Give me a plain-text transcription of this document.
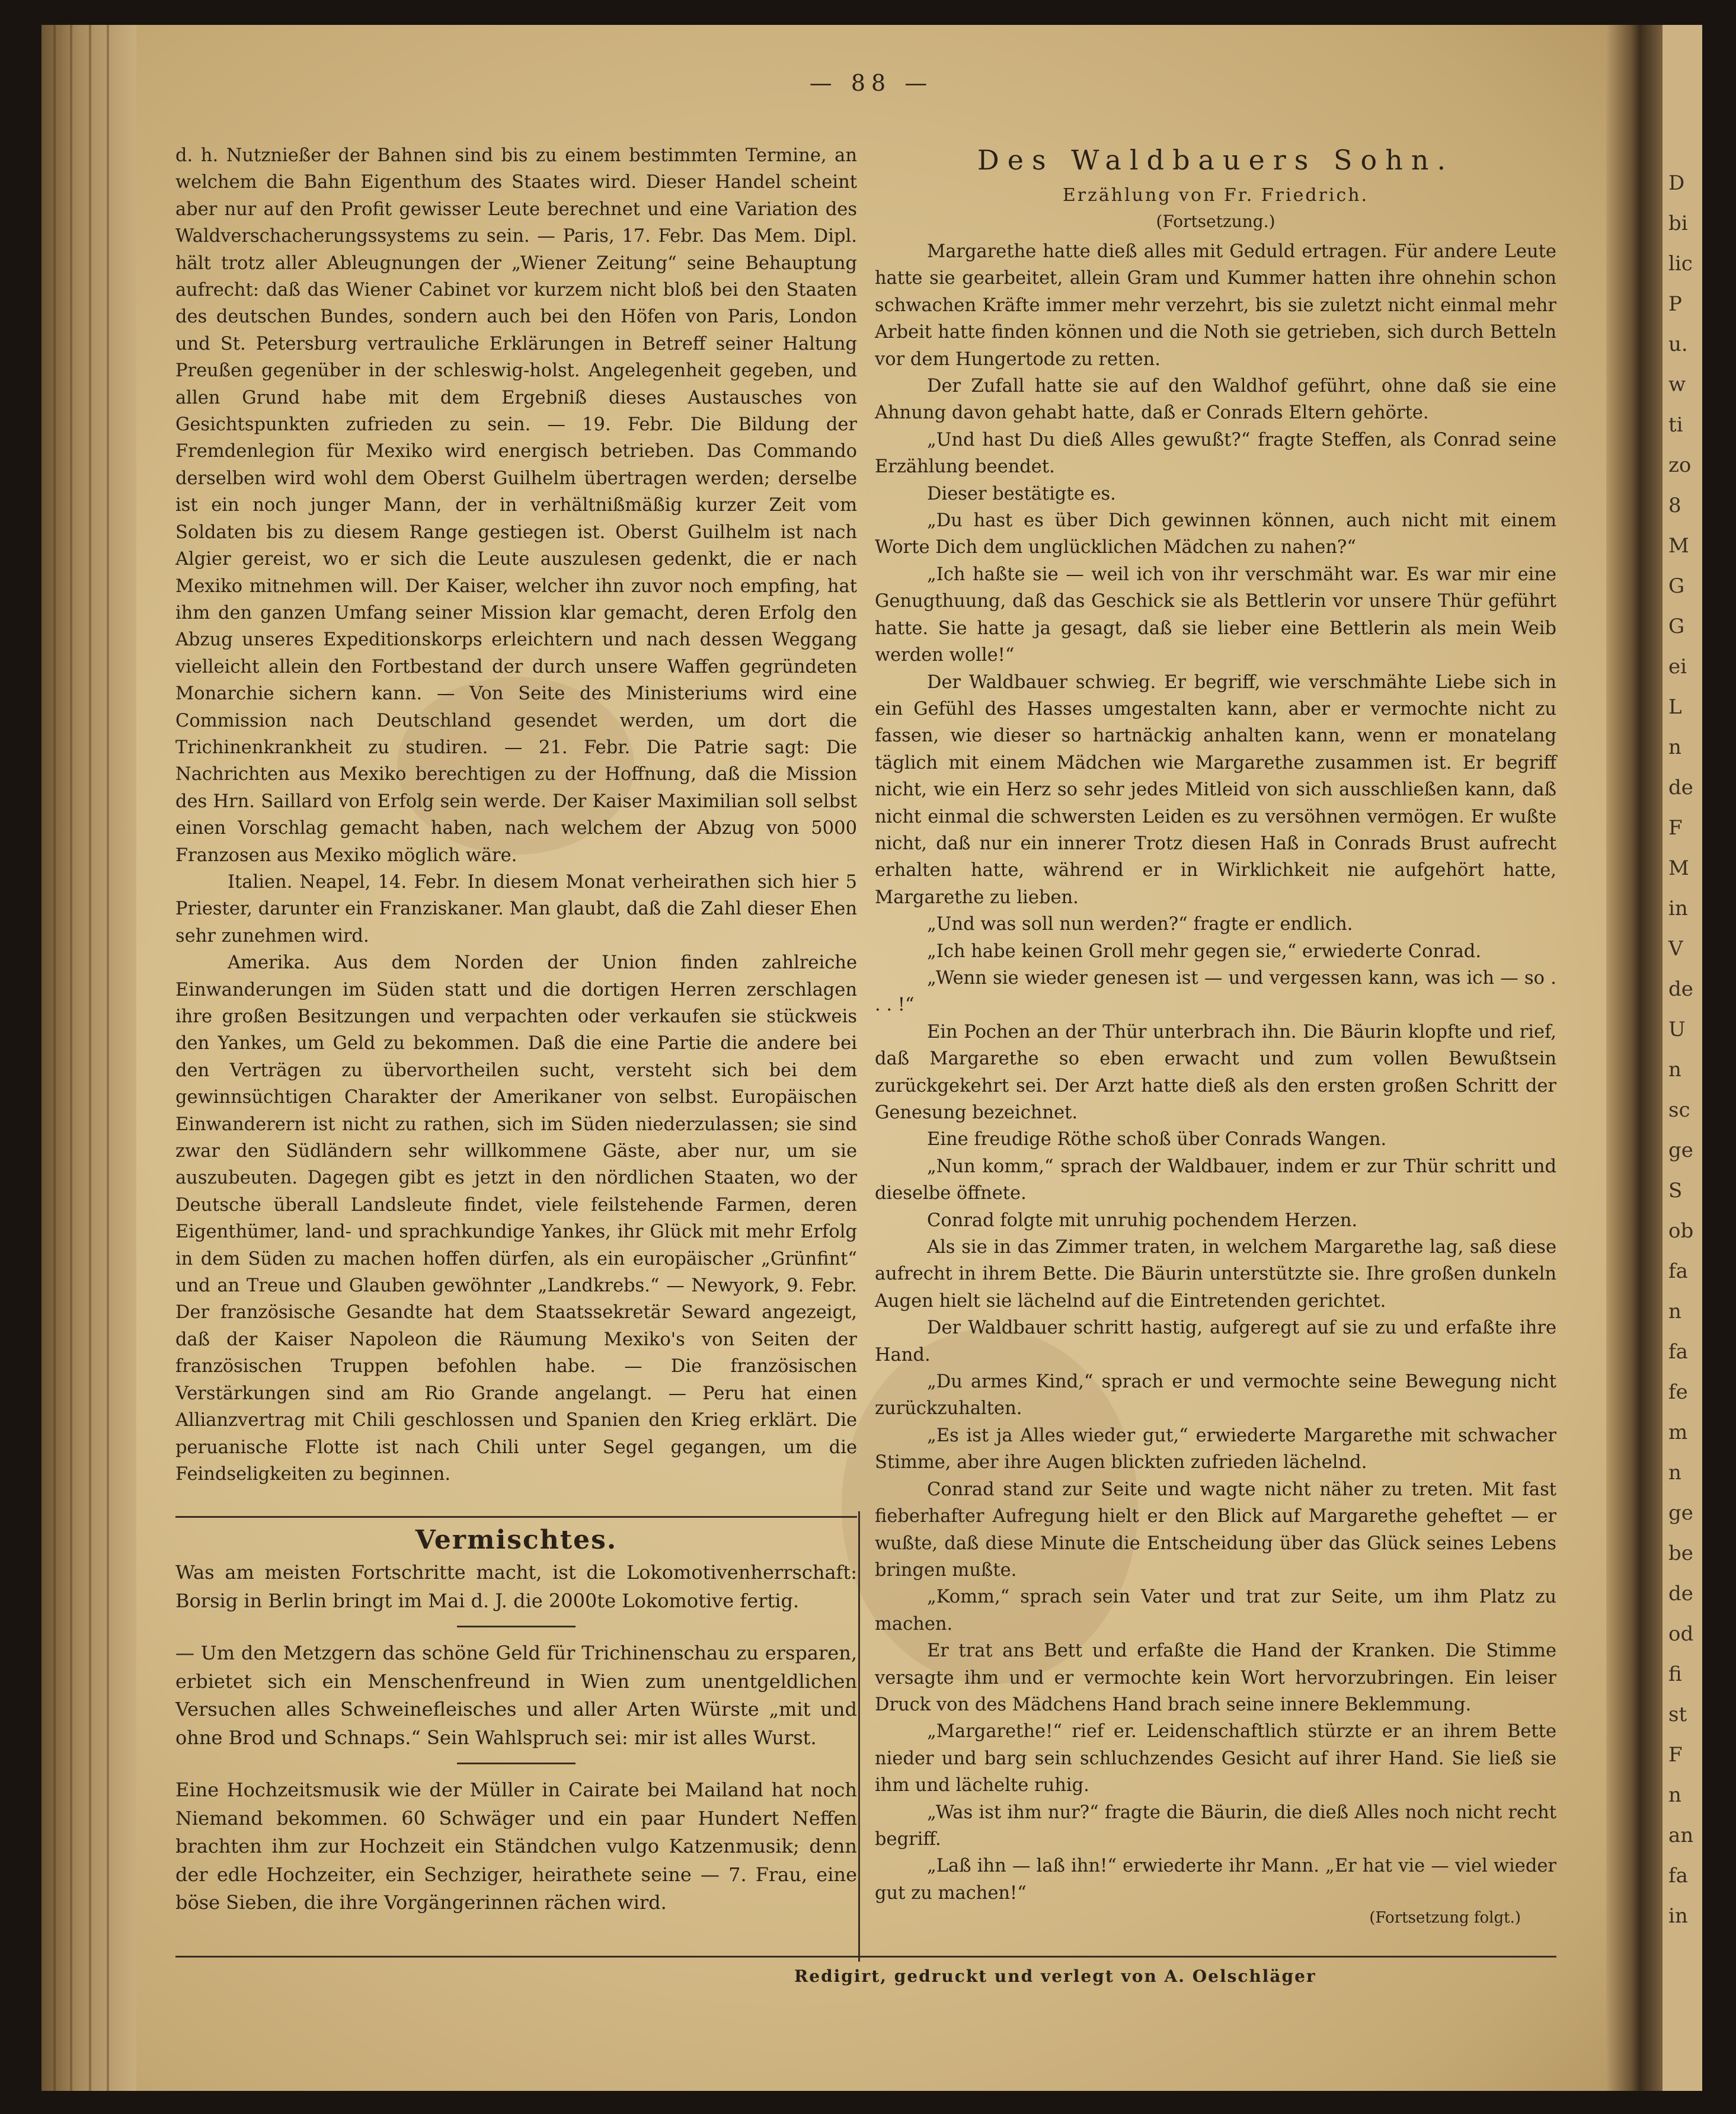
D
bi
lic
P
u.
w
ti
zo
8
M
G
G
ei
L
n
de
F
M
in
V
de
U
n
sc
ge
S
ob
fa
n
fa
fe
m
n
ge
be
de
od
fi
st
F
n
an
fa
in
— 88 —

d. h. Nutznießer der Bahnen sind bis zu einem bestimmten Termine, an welchem die Bahn Eigenthum des Staates wird. Dieser Handel scheint aber nur auf den Profit gewisser Leute berechnet und eine Variation des Waldverschacherungssystems zu sein. — Paris, 17. Febr. Das Mem. Dipl. hält trotz aller Ableugnungen der „Wiener Zeitung“ seine Behauptung aufrecht: daß das Wiener Cabinet vor kurzem nicht bloß bei den Staaten des deutschen Bundes, sondern auch bei den Höfen von Paris, London und St. Petersburg vertrauliche Erklärungen in Betreff seiner Haltung Preußen gegenüber in der schleswig-holst. Angelegenheit gegeben, und allen Grund habe mit dem Ergebniß dieses Austausches von Gesichtspunkten zufrieden zu sein. — 19. Febr. Die Bildung der Fremdenlegion für Mexiko wird energisch betrieben. Das Commando derselben wird wohl dem Oberst Guilhelm übertragen werden; derselbe ist ein noch junger Mann, der in verhältnißmäßig kurzer Zeit vom Soldaten bis zu diesem Range gestiegen ist. Oberst Guilhelm ist nach Algier gereist, wo er sich die Leute auszulesen gedenkt, die er nach Mexiko mitnehmen will. Der Kaiser, welcher ihn zuvor noch empfing, hat ihm den ganzen Umfang seiner Mission klar gemacht, deren Erfolg den Abzug unseres Expeditionskorps erleichtern und nach dessen Weggang vielleicht allein den Fortbestand der durch unsere Waffen gegründeten Monarchie sichern kann. — Von Seite des Ministeriums wird eine Commission nach Deutschland gesendet werden, um dort die Trichinenkrankheit zu studiren. — 21. Febr. Die Patrie sagt: Die Nachrichten aus Mexiko berechtigen zu der Hoffnung, daß die Mission des Hrn. Saillard von Erfolg sein werde. Der Kaiser Maximilian soll selbst einen Vorschlag gemacht haben, nach welchem der Abzug von 5000 Franzosen aus Mexiko möglich wäre.

Italien. Neapel, 14. Febr. In diesem Monat verheirathen sich hier 5 Priester, darunter ein Franziskaner. Man glaubt, daß die Zahl dieser Ehen sehr zunehmen wird.

Amerika. Aus dem Norden der Union finden zahlreiche Einwanderungen im Süden statt und die dortigen Herren zerschlagen ihre großen Besitzungen und verpachten oder verkaufen sie stückweis den Yankes, um Geld zu bekommen. Daß die eine Partie die andere bei den Verträgen zu übervortheilen sucht, versteht sich bei dem gewinnsüchtigen Charakter der Amerikaner von selbst. Europäischen Einwanderern ist nicht zu rathen, sich im Süden niederzulassen; sie sind zwar den Südländern sehr willkommene Gäste, aber nur, um sie auszubeuten. Dagegen gibt es jetzt in den nördlichen Staaten, wo der Deutsche überall Landsleute findet, viele feilstehende Farmen, deren Eigenthümer, land- und sprachkundige Yankes, ihr Glück mit mehr Erfolg in dem Süden zu machen hoffen dürfen, als ein europäischer „Grünfint“ und an Treue und Glauben gewöhnter „Landkrebs.“ — Newyork, 9. Febr. Der französische Gesandte hat dem Staatssekretär Seward angezeigt, daß der Kaiser Napoleon die Räumung Mexiko's von Seiten der französischen Truppen befohlen habe. — Die französischen Verstärkungen sind am Rio Grande angelangt. — Peru hat einen Allianzvertrag mit Chili geschlossen und Spanien den Krieg erklärt. Die peruanische Flotte ist nach Chili unter Segel gegangen, um die Feindseligkeiten zu beginnen.

Des Waldbauers Sohn.
Erzählung von Fr. Friedrich.
(Fortsetzung.)

Margarethe hatte dieß alles mit Geduld ertragen. Für andere Leute hatte sie gearbeitet, allein Gram und Kummer hatten ihre ohnehin schon schwachen Kräfte immer mehr verzehrt, bis sie zuletzt nicht einmal mehr Arbeit hatte finden können und die Noth sie getrieben, sich durch Betteln vor dem Hungertode zu retten.

Der Zufall hatte sie auf den Waldhof geführt, ohne daß sie eine Ahnung davon gehabt hatte, daß er Conrads Eltern gehörte.

„Und hast Du dieß Alles gewußt?“ fragte Steffen, als Conrad seine Erzählung beendet.

Dieser bestätigte es.

„Du hast es über Dich gewinnen können, auch nicht mit einem Worte Dich dem unglücklichen Mädchen zu nahen?“

„Ich haßte sie — weil ich von ihr verschmäht war. Es war mir eine Genugthuung, daß das Geschick sie als Bettlerin vor unsere Thür geführt hatte. Sie hatte ja gesagt, daß sie lieber eine Bettlerin als mein Weib werden wolle!“

Der Waldbauer schwieg. Er begriff, wie verschmähte Liebe sich in ein Gefühl des Hasses umgestalten kann, aber er vermochte nicht zu fassen, wie dieser so hartnäckig anhalten kann, wenn er monatelang täglich mit einem Mädchen wie Margarethe zusammen ist. Er begriff nicht, wie ein Herz so sehr jedes Mitleid von sich ausschließen kann, daß nicht einmal die schwersten Leiden es zu versöhnen vermögen. Er wußte nicht, daß nur ein innerer Trotz diesen Haß in Conrads Brust aufrecht erhalten hatte, während er in Wirklichkeit nie aufgehört hatte, Margarethe zu lieben.

„Und was soll nun werden?“ fragte er endlich.

„Ich habe keinen Groll mehr gegen sie,“ erwiederte Conrad.

„Wenn sie wieder genesen ist — und vergessen kann, was ich — so . . . !“

Ein Pochen an der Thür unterbrach ihn. Die Bäurin klopfte und rief, daß Margarethe so eben erwacht und zum vollen Bewußtsein zurückgekehrt sei. Der Arzt hatte dieß als den ersten großen Schritt der Genesung bezeichnet.

Eine freudige Röthe schoß über Conrads Wangen.

„Nun komm,“ sprach der Waldbauer, indem er zur Thür schritt und dieselbe öffnete.

Conrad folgte mit unruhig pochendem Herzen.

Als sie in das Zimmer traten, in welchem Margarethe lag, saß diese aufrecht in ihrem Bette. Die Bäurin unterstützte sie. Ihre großen dunkeln Augen hielt sie lächelnd auf die Eintretenden gerichtet.

Der Waldbauer schritt hastig, aufgeregt auf sie zu und erfaßte ihre Hand.

„Du armes Kind,“ sprach er und vermochte seine Bewegung nicht zurückzuhalten.

„Es ist ja Alles wieder gut,“ erwiederte Margarethe mit schwacher Stimme, aber ihre Augen blickten zufrieden lächelnd.

Conrad stand zur Seite und wagte nicht näher zu treten. Mit fast fieberhafter Aufregung hielt er den Blick auf Margarethe geheftet — er wußte, daß diese Minute die Entscheidung über das Glück seines Lebens bringen mußte.

„Komm,“ sprach sein Vater und trat zur Seite, um ihm Platz zu machen.

Er trat ans Bett und erfaßte die Hand der Kranken. Die Stimme versagte ihm und er vermochte kein Wort hervorzubringen. Ein leiser Druck von des Mädchens Hand brach seine innere Beklemmung.

„Margarethe!“ rief er. Leidenschaftlich stürzte er an ihrem Bette nieder und barg sein schluchzendes Gesicht auf ihrer Hand. Sie ließ sie ihm und lächelte ruhig.

„Was ist ihm nur?“ fragte die Bäurin, die dieß Alles noch nicht recht begriff.

„Laß ihn — laß ihn!“ erwiederte ihr Mann. „Er hat vie — viel wieder gut zu machen!“

(Fortsetzung folgt.)
Vermischtes.

Was am meisten Fortschritte macht, ist die Lokomotivenherrschaft: Borsig in Berlin bringt im Mai d. J. die 2000te Lokomotive fertig.

— Um den Metzgern das schöne Geld für Trichinenschau zu ersparen, erbietet sich ein Menschenfreund in Wien zum unentgeldlichen Versuchen alles Schweinefleisches und aller Arten Würste „mit und ohne Brod und Schnaps.“ Sein Wahlspruch sei: mir ist alles Wurst.

Eine Hochzeitsmusik wie der Müller in Cairate bei Mailand hat noch Niemand bekommen. 60 Schwäger und ein paar Hundert Neffen brachten ihm zur Hochzeit ein Ständchen vulgo Katzenmusik; denn der edle Hochzeiter, ein Sechziger, heirathete seine — 7. Frau, eine böse Sieben, die ihre Vorgängerinnen rächen wird.

Redigirt, gedruckt und verlegt von A. Oelschläger
